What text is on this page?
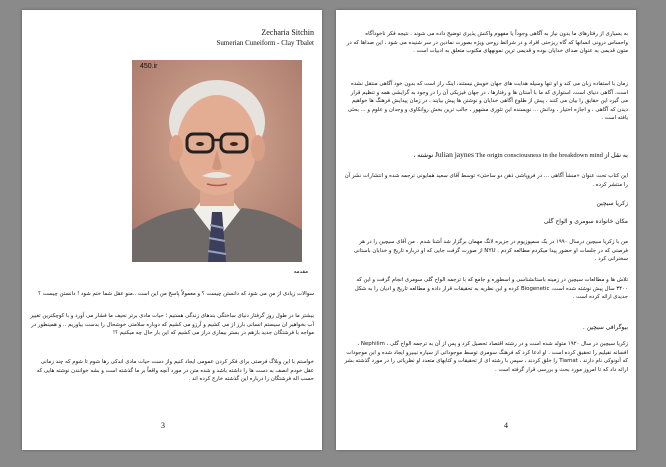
Zecharia Sitchin
Sumerian Cuneiform - Clay Tbalet
450.ir
مقدمه
سوالات زیادی از من می شود که دانستن چیست ؟ و معمولاً پاسخ من این است ..منو عقل شما ختم شود ! دانستن چیست ؟
بیشتر ما در طول روز گرفتار دنیای ساختگی بندهای زندگی هستیم ؛ حیات مادی برتر نحیف ما فشار می آورد و با کوچکترین تغییر آب بخواهیر ان سیستم انسانی بارز از می کشیم و آرزو می کشیم که دوباره سلامتی خوشحال را بدست بیاوریم .. و همینطور در مواجه با فرشتگان جدید بازهم در بستر بیماری دراز می کشیم که این بار حال چه میکنیم ؟!
خواستم با این وبلاگ فرصتی برای فکر کردن عمومی ایجاد کنیم واز دست حیات مادی اندکی رها شوم تا شوم که چند زمانی عقل خودم انصف به دست ها را داشته باشد و شده متن در مورد آنچه واقعاً بر ما گذشته است و بشه خوانندن نوشته هایی که حسب اله فرشتگان را درباره این گذشته خارج کرده اند .
3
به بسیاری از رفتارهای ما بدون نیاز به آگاهی وجوداً یا مفهوم واکنش پذیری توضیح داده می شوند . نتیجه فکر ناخودآگاه واحساس درونی انسانها که گاه ریزحتی افراد و در شرائط روحی ویژه بصورت نمادین در سر شنیده می شود ، این صداها که در متون قدیمی به عنوان صدای خدایان بوده و قدیمی ترین نمونههای مکتوب متعلق به ادبیات است .
زمان با استفاده زبان می کند و او تنها وسیله هدایت های جهان خویش نیستند، اینک راز است که بدون خود آگاهی منتقل نشده است، آگاهی دنیای است، استواری که ما با آستان ها و رفتارها ، در جهان فیزیکی آن را در وجود به گرایشی همه و تنظیم قرار می گیرد این حقایق را بیان می کنند ، پیش از طلوع آگاهی خدایان و نوشتن ها پیش بیایند ، در زمان پیدایش فرهنگ ها خواهیم دیدن که آگاهی ، و اجازه اختیار ، ودانش ... نویسنده این تئوری مشهور ، جالب ترین بخش روانکاوی و وجدان و علوم و ... بحثی یافته است .
به نقل از Julian jaynes The origin consciousness in the breakdown mind نوشته ،
این کتاب تحت عنوان «منشأ آگاهی ... در فروپاشی ذهن دو ساحتی» توسط آقای سعید همایونی ترجمه شده و انتشارات نشر آن را منتشر کرده .
زکریا سیچین
مکان خانواده سومری و الواح گلی
من با زکریا سیچین درسال ۱۹۹۰ در یک سمپوزیوم در جزیره لانگ مهمان برگزار شد آشنا شدم . من آقای سیچین را در هر فرصتی که در جلسات او حضور پیدا میکردم مطالعه کردم . NYU از صورت گرفت جایی که او درباره تاریخ و خدایان باستانی سخنرانی کرد .
تلاش ها و مطالعات سیچین در زمینه باستانشناسی و اسطوره و جامع که با ترجمه الواح گلی سومری انجام گرفت و این که ۳۴۰۰ سال پیش نوشته شده است، Biogenetic کرده و این نظریه به تحقیقات قرار داده و مطالعه تاریخ و ادیان را به شکل جدیدی ارائه کرده است .
بیوگرافی سیچین .
زکریا سیچین در سال ۱۹۲۰ متولد شده است و در رشته اقتصاد تحصیل کرد و پس از آن به ترجمه الواح گلی ، Nephilim ، افسانه نفیلیم را تحقیق کرده است . او ادعا کرد که فرهنگ سومری توسط موجوداتی از سیاره نیبیرو ایجاد شده و این موجودات که آنونوکی نام دارند ، Tiamat را خلق کردند ، سپس با رشته ای از تحقیقات و کتابهای متعدد او نظریاتی را در مورد گذشته بشر ارائه داد که تا امروز مورد بحث و بررسی قرار گرفته است .
4
